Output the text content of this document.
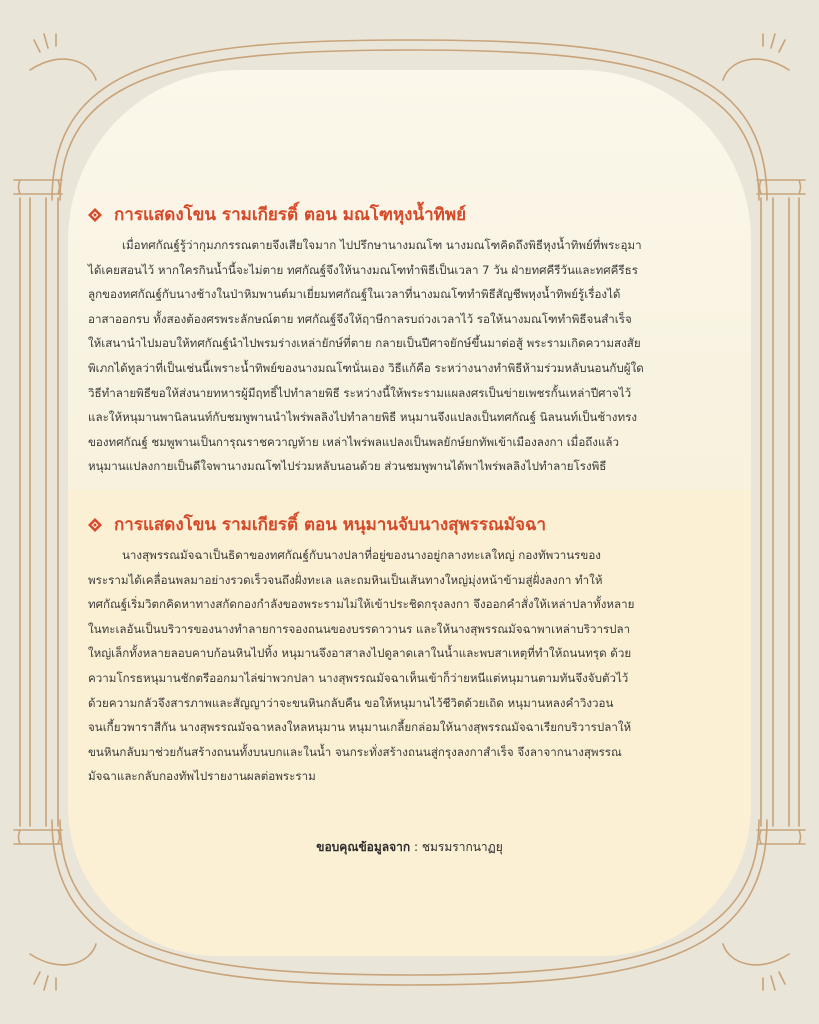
การแสดงโขน รามเกียรติ์ ตอน มณโฑหุงน้ำทิพย์
เมื่อทศกัณฐ์รู้ว่ากุมภกรรณตายจึงเสียใจมาก ไปปรึกษานางมณโฑ นางมณโฑคิดถึงพิธีหุงน้ำทิพย์ที่พระอุมา
ได้เคยสอนไว้ หากใครกินน้ำนี้จะไม่ตาย ทศกัณฐ์จึงให้นางมณโฑทำพิธีเป็นเวลา 7 วัน ฝ่ายทศคีรีวันและทศคีรีธร
ลูกของทศกัณฐ์กับนางช้างในป่าหิมพานต์มาเยี่ยมทศกัณฐ์ในเวลาที่นางมณโฑทำพิธีสัญชีพหุงน้ำทิพย์รู้เรื่องได้
อาสาออกรบ ทั้งสองต้องศรพระลักษณ์ตาย ทศกัณฐ์จึงให้ฤาษีกาลรบถ่วงเวลาไว้ รอให้นางมณโฑทำพิธีจนสำเร็จ
ให้เสนานำไปมอบให้ทศกัณฐ์นำไปพรมร่างเหล่ายักษ์ที่ตาย กลายเป็นปีศาจยักษ์ขึ้นมาต่อสู้ พระรามเกิดความสงสัย
พิเภกได้ทูลว่าที่เป็นเช่นนี้เพราะน้ำทิพย์ของนางมณโฑนั่นเอง วิธีแก้คือ ระหว่างนางทำพิธีห้ามร่วมหลับนอนกับผู้ใด
วิธีทำลายพิธีขอให้ส่งนายทหารผู้มีฤทธิ์ไปทำลายพิธี ระหว่างนี้ให้พระรามแผลงศรเป็นข่ายเพชรกั้นเหล่าปีศาจไว้
และให้หนุมานพานิลนนท์กับชมพูพานนำไพร่พลลิงไปทำลายพิธี หนุมานจึงแปลงเป็นทศกัณฐ์ นิลนนท์เป็นช้างทรง
ของทศกัณฐ์ ชมพูพานเป็นการุณราชควาญท้าย เหล่าไพร่พลแปลงเป็นพลยักษ์ยกทัพเข้าเมืองลงกา เมื่อถึงแล้ว
หนุมานแปลงกายเป็นดีใจพานางมณโฑไปร่วมหลับนอนด้วย ส่วนชมพูพานได้พาไพร่พลลิงไปทำลายโรงพิธี
การแสดงโขน รามเกียรติ์ ตอน หนุมานจับนางสุพรรณมัจฉา
นางสุพรรณมัจฉาเป็นธิดาของทศกัณฐ์กับนางปลาที่อยู่ของนางอยู่กลางทะเลใหญ่ กองทัพวานรของ
พระรามได้เคลื่อนพลมาอย่างรวดเร็วจนถึงฝั่งทะเล และถมหินเป็นเส้นทางใหญ่มุ่งหน้าข้ามสู่ฝั่งลงกา ทำให้
ทศกัณฐ์เริ่มวิตกคิดหาทางสกัดกองกำลังของพระรามไม่ให้เข้าประชิดกรุงลงกา จึงออกคำสั่งให้เหล่าปลาทั้งหลาย
ในทะเลอันเป็นบริวารของนางทำลายการจองถนนของบรรดาวานร และให้นางสุพรรณมัจฉาพาเหล่าบริวารปลา
ใหญ่เล็กทั้งหลายลอบคาบก้อนหินไปทิ้ง หนุมานจึงอาสาลงไปดูลาดเลาในน้ำและพบสาเหตุที่ทำให้ถนนทรุด ด้วย
ความโกรธหนุมานชักตรีออกมาไล่ฆ่าพวกปลา นางสุพรรณมัจฉาเห็นเข้าก็ว่ายหนีแต่หนุมานตามทันจึงจับตัวไว้
ด้วยความกลัวจึงสารภาพและสัญญาว่าจะขนหินกลับคืน ขอให้หนุมานไว้ชีวิตด้วยเถิด หนุมานหลงคำวิงวอน
จนเกี้ยวพาราสีกัน นางสุพรรณมัจฉาหลงใหลหนุมาน หนุมานเกลี้ยกล่อมให้นางสุพรรณมัจฉาเรียกบริวารปลาให้
ขนหินกลับมาช่วยกันสร้างถนนทั้งบนบกและในน้ำ จนกระทั่งสร้างถนนสู่กรุงลงกาสำเร็จ จึงลาจากนางสุพรรณ
มัจฉาและกลับกองทัพไปรายงานผลต่อพระราม
ขอบคุณข้อมูลจาก : ชมรมรากนาฏยุ
